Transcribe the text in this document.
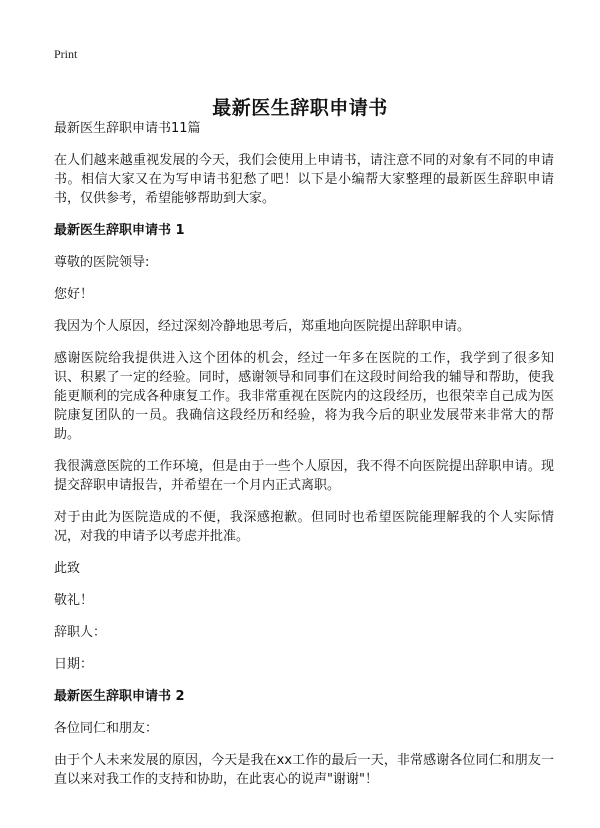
Print
最新医生辞职申请书

最新医生辞职申请书11篇

在人们越来越重视发展的今天，我们会使用上申请书，请注意不同的对象有不同的申请书。相信大家又在为写申请书犯愁了吧！以下是小编帮大家整理的最新医生辞职申请书，仅供参考，希望能够帮助到大家。

最新医生辞职申请书 1

尊敬的医院领导:

您好！

我因为个人原因，经过深刻冷静地思考后，郑重地向医院提出辞职申请。

感谢医院给我提供进入这个团体的机会，经过一年多在医院的工作，我学到了很多知识、积累了一定的经验。同时，感谢领导和同事们在这段时间给我的辅导和帮助，使我能更顺利的完成各种康复工作。我非常重视在医院内的这段经历，也很荣幸自己成为医院康复团队的一员。我确信这段经历和经验，将为我今后的职业发展带来非常大的帮助。

我很满意医院的工作环境，但是由于一些个人原因，我不得不向医院提出辞职申请。现提交辞职申请报告，并希望在一个月内正式离职。

对于由此为医院造成的不便，我深感抱歉。但同时也希望医院能理解我的个人实际情况，对我的申请予以考虑并批准。

此致

敬礼！

辞职人：

日期：

最新医生辞职申请书 2

各位同仁和朋友：

由于个人未来发展的原因，今天是我在xx工作的最后一天，非常感谢各位同仁和朋友一直以来对我工作的支持和协助，在此衷心的说声"谢谢"！
